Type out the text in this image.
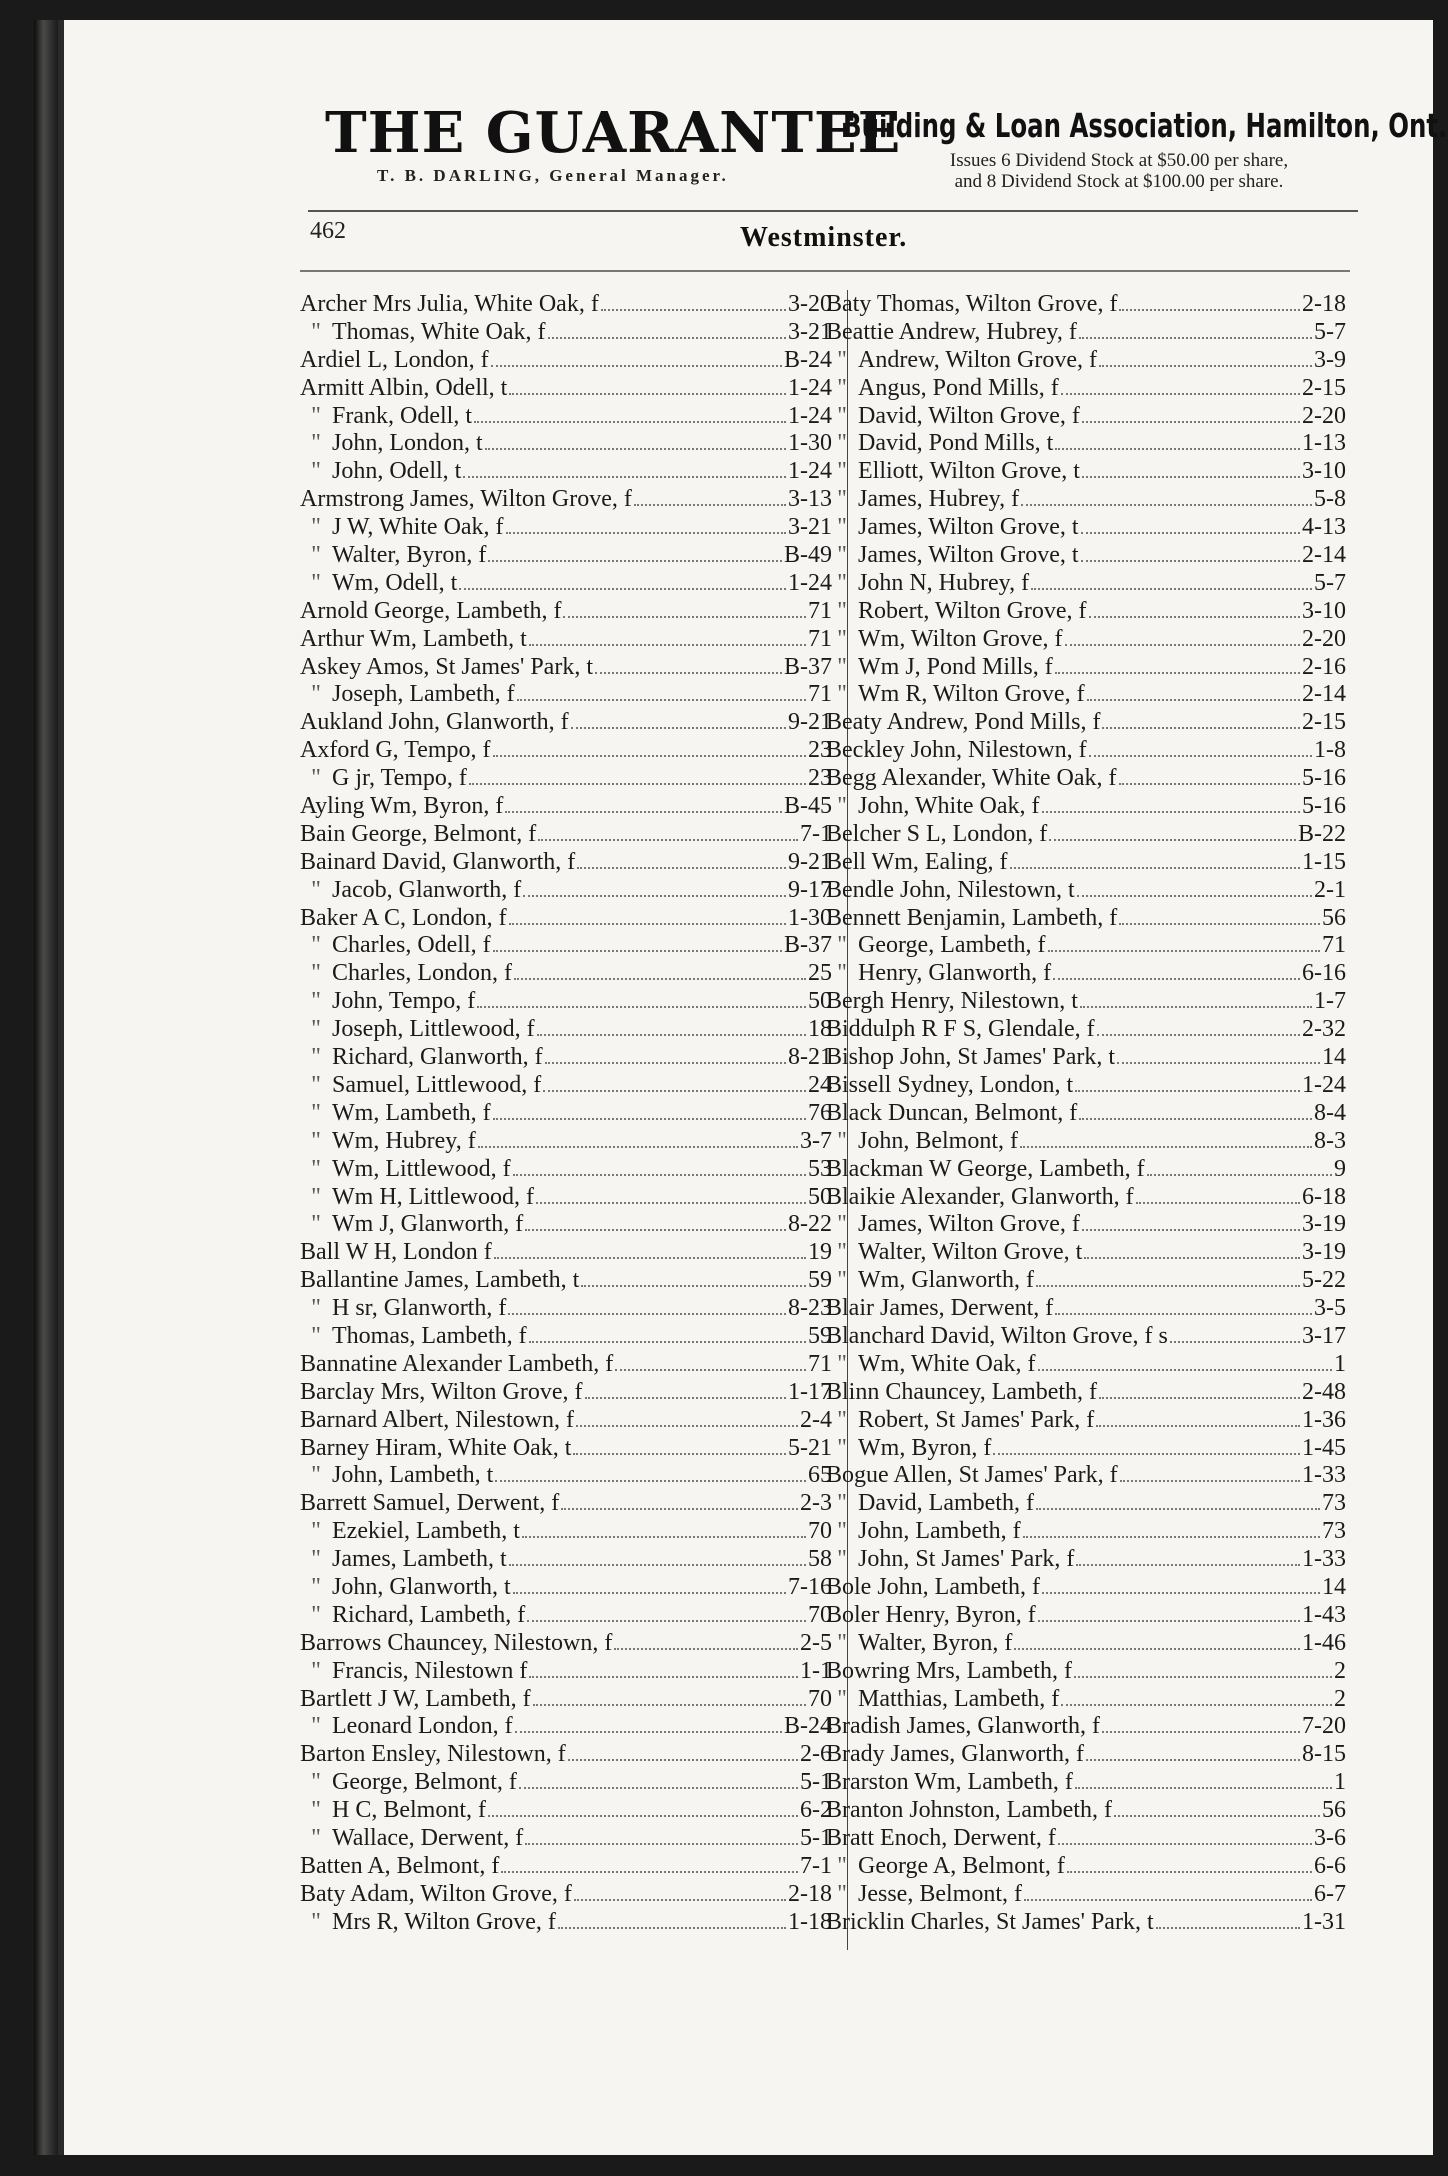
THE GUARANTEE
T. B. DARLING, General Manager.
Building & Loan Association, Hamilton, Ont.
Issues 6 Dividend Stock at $50.00 per share,
and 8 Dividend Stock at $100.00 per share.
462	Westminster.
Archer Mrs Julia, White Oak, f	3-20
" Thomas, White Oak, f	3-21
Ardiel L, London, f	B-24
Armitt Albin, Odell, t	1-24
" Frank, Odell, t	1-24
" John, London, t	1-30
" John, Odell, t	1-24
Armstrong James, Wilton Grove, f	3-13
" J W, White Oak, f	3-21
" Walter, Byron, f	B-49
" Wm, Odell, t	1-24
Arnold George, Lambeth, f	71
Arthur Wm, Lambeth, t	71
Askey Amos, St James' Park, t	B-37
" Joseph, Lambeth, f	71
Aukland John, Glanworth, f	9-21
Axford G, Tempo, f	23
" G jr, Tempo, f	23
Ayling Wm, Byron, f	B-45
Bain George, Belmont, f	7-1
Bainard David, Glanworth, f	9-21
" Jacob, Glanworth, f	9-17
Baker A C, London, f	1-30
" Charles, Odell, f	B-37
" Charles, London, f	25
" John, Tempo, f	50
" Joseph, Littlewood, f	18
" Richard, Glanworth, f	8-21
" Samuel, Littlewood, f	24
" Wm, Lambeth, f	76
" Wm, Hubrey, f	3-7
" Wm, Littlewood, f	53
" Wm H, Littlewood, f	50
" Wm J, Glanworth, f	8-22
Ball W H, London f	19
Ballantine James, Lambeth, t	59
" H sr, Glanworth, f	8-23
" Thomas, Lambeth, f	59
Bannatine Alexander Lambeth, f	71
Barclay Mrs, Wilton Grove, f	1-17
Barnard Albert, Nilestown, f	2-4
Barney Hiram, White Oak, t	5-21
" John, Lambeth, t	65
Barrett Samuel, Derwent, f	2-3
" Ezekiel, Lambeth, t	70
" James, Lambeth, t	58
" John, Glanworth, t	7-16
" Richard, Lambeth, f	70
Barrows Chauncey, Nilestown, f	2-5
" Francis, Nilestown f	1-1
Bartlett J W, Lambeth, f	70
" Leonard London, f	B-24
Barton Ensley, Nilestown, f	2-6
" George, Belmont, f	5-1
" H C, Belmont, f	6-2
" Wallace, Derwent, f	5-1
Batten A, Belmont, f	7-1
Baty Adam, Wilton Grove, f	2-18
" Mrs R, Wilton Grove, f	1-18
Baty Thomas, Wilton Grove, f	2-18
Beattie Andrew, Hubrey, f	5-7
" Andrew, Wilton Grove, f	3-9
" Angus, Pond Mills, f	2-15
" David, Wilton Grove, f	2-20
" David, Pond Mills, t	1-13
" Elliott, Wilton Grove, t	3-10
" James, Hubrey, f	5-8
" James, Wilton Grove, t	4-13
" James, Wilton Grove, t	2-14
" John N, Hubrey, f	5-7
" Robert, Wilton Grove, f	3-10
" Wm, Wilton Grove, f	2-20
" Wm J, Pond Mills, f	2-16
" Wm R, Wilton Grove, f	2-14
Beaty Andrew, Pond Mills, f	2-15
Beckley John, Nilestown, f	1-8
Begg Alexander, White Oak, f	5-16
" John, White Oak, f	5-16
Belcher S L, London, f	B-22
Bell Wm, Ealing, f	1-15
Bendle John, Nilestown, t	2-1
Bennett Benjamin, Lambeth, f	56
" George, Lambeth, f	71
" Henry, Glanworth, f	6-16
Bergh Henry, Nilestown, t	1-7
Biddulph R F S, Glendale, f	2-32
Bishop John, St James' Park, t	14
Bissell Sydney, London, t	1-24
Black Duncan, Belmont, f	8-4
" John, Belmont, f	8-3
Blackman W George, Lambeth, f	9
Blaikie Alexander, Glanworth, f	6-18
" James, Wilton Grove, f	3-19
" Walter, Wilton Grove, t	3-19
" Wm, Glanworth, f	5-22
Blair James, Derwent, f	3-5
Blanchard David, Wilton Grove, f s	3-17
" Wm, White Oak, f	1
Blinn Chauncey, Lambeth, f	2-48
" Robert, St James' Park, f	1-36
" Wm, Byron, f	1-45
Bogue Allen, St James' Park, f	1-33
" David, Lambeth, f	73
" John, Lambeth, f	73
" John, St James' Park, f	1-33
Bole John, Lambeth, f	14
Boler Henry, Byron, f	1-43
" Walter, Byron, f	1-46
Bowring Mrs, Lambeth, f	2
" Matthias, Lambeth, f	2
Bradish James, Glanworth, f	7-20
Brady James, Glanworth, f	8-15
Brarston Wm, Lambeth, f	1
Branton Johnston, Lambeth, f	56
Bratt Enoch, Derwent, f	3-6
" George A, Belmont, f	6-6
" Jesse, Belmont, f	6-7
Bricklin Charles, St James' Park, t	1-31
